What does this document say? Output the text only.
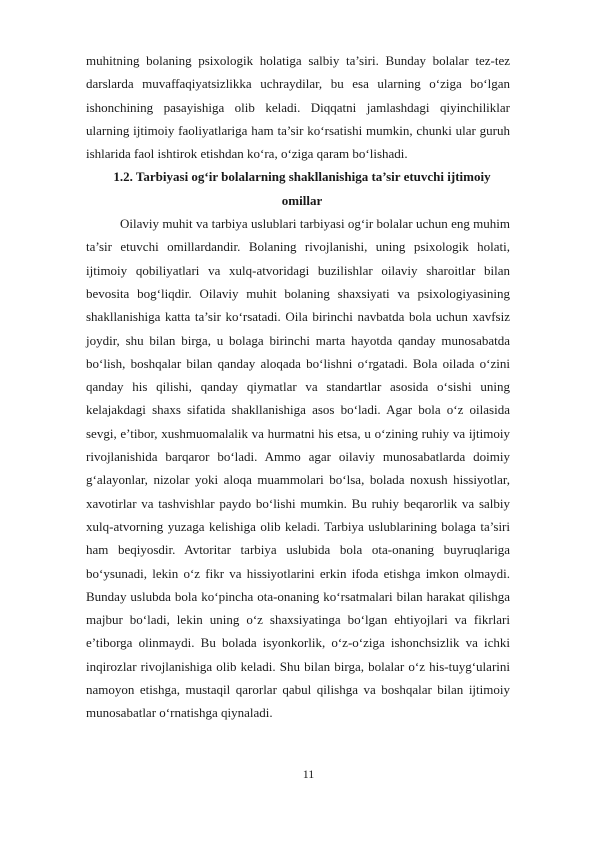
muhitning bolaning psixologik holatiga salbiy ta’siri. Bunday bolalar tez-tez darslarda muvaffaqiyatsizlikka uchraydilar, bu esa ularning o‘ziga bo‘lgan ishonchining pasayishiga olib keladi. Diqqatni jamlashdagi qiyinchiliklar ularning ijtimoiy faoliyatlariga ham ta’sir ko‘rsatishi mumkin, chunki ular guruh ishlarida faol ishtirok etishdan ko‘ra, o‘ziga qaram bo‘lishadi.

1.2. Tarbiyasi og‘ir bolalarning shakllanishiga ta’sir etuvchi ijtimoiy omillar

Oilaviy muhit va tarbiya uslublari tarbiyasi og‘ir bolalar uchun eng muhim ta’sir etuvchi omillardandir. Bolaning rivojlanishi, uning psixologik holati, ijtimoiy qobiliyatlari va xulq-atvoridagi buzilishlar oilaviy sharoitlar bilan bevosita bog‘liqdir. Oilaviy muhit bolaning shaxsiyati va psixologiyasining shakllanishiga katta ta’sir ko‘rsatadi. Oila birinchi navbatda bola uchun xavfsiz joydir, shu bilan birga, u bolaga birinchi marta hayotda qanday munosabatda bo‘lish, boshqalar bilan qanday aloqada bo‘lishni o‘rgatadi. Bola oilada o‘zini qanday his qilishi, qanday qiymatlar va standartlar asosida o‘sishi uning kelajakdagi shaxs sifatida shakllanishiga asos bo‘ladi. Agar bola o‘z oilasida sevgi, e’tibor, xushmuomalalik va hurmatni his etsa, u o‘zining ruhiy va ijtimoiy rivojlanishida barqaror bo‘ladi. Ammo agar oilaviy munosabatlarda doimiy g‘alayonlar, nizolar yoki aloqa muammolari bo‘lsa, bolada noxush hissiyotlar, xavotirlar va tashvishlar paydo bo‘lishi mumkin. Bu ruhiy beqarorlik va salbiy xulq-atvorning yuzaga kelishiga olib keladi. Tarbiya uslublarining bolaga ta’siri ham beqiyosdir. Avtoritar tarbiya uslubida bola ota-onaning buyruqlariga bo‘ysunadi, lekin o‘z fikr va hissiyotlarini erkin ifoda etishga imkon olmaydi. Bunday uslubda bola ko‘pincha ota-onaning ko‘rsatmalari bilan harakat qilishga majbur bo‘ladi, lekin uning o‘z shaxsiyatinga bo‘lgan ehtiyojlari va fikrlari e’tiborga olinmaydi. Bu bolada isyonkorlik, o‘z-o‘ziga ishonchsizlik va ichki inqirozlar rivojlanishiga olib keladi. Shu bilan birga, bolalar o‘z his-tuyg‘ularini namoyon etishga, mustaqil qarorlar qabul qilishga va boshqalar bilan ijtimoiy munosabatlar o‘rnatishga qiynaladi.

11
